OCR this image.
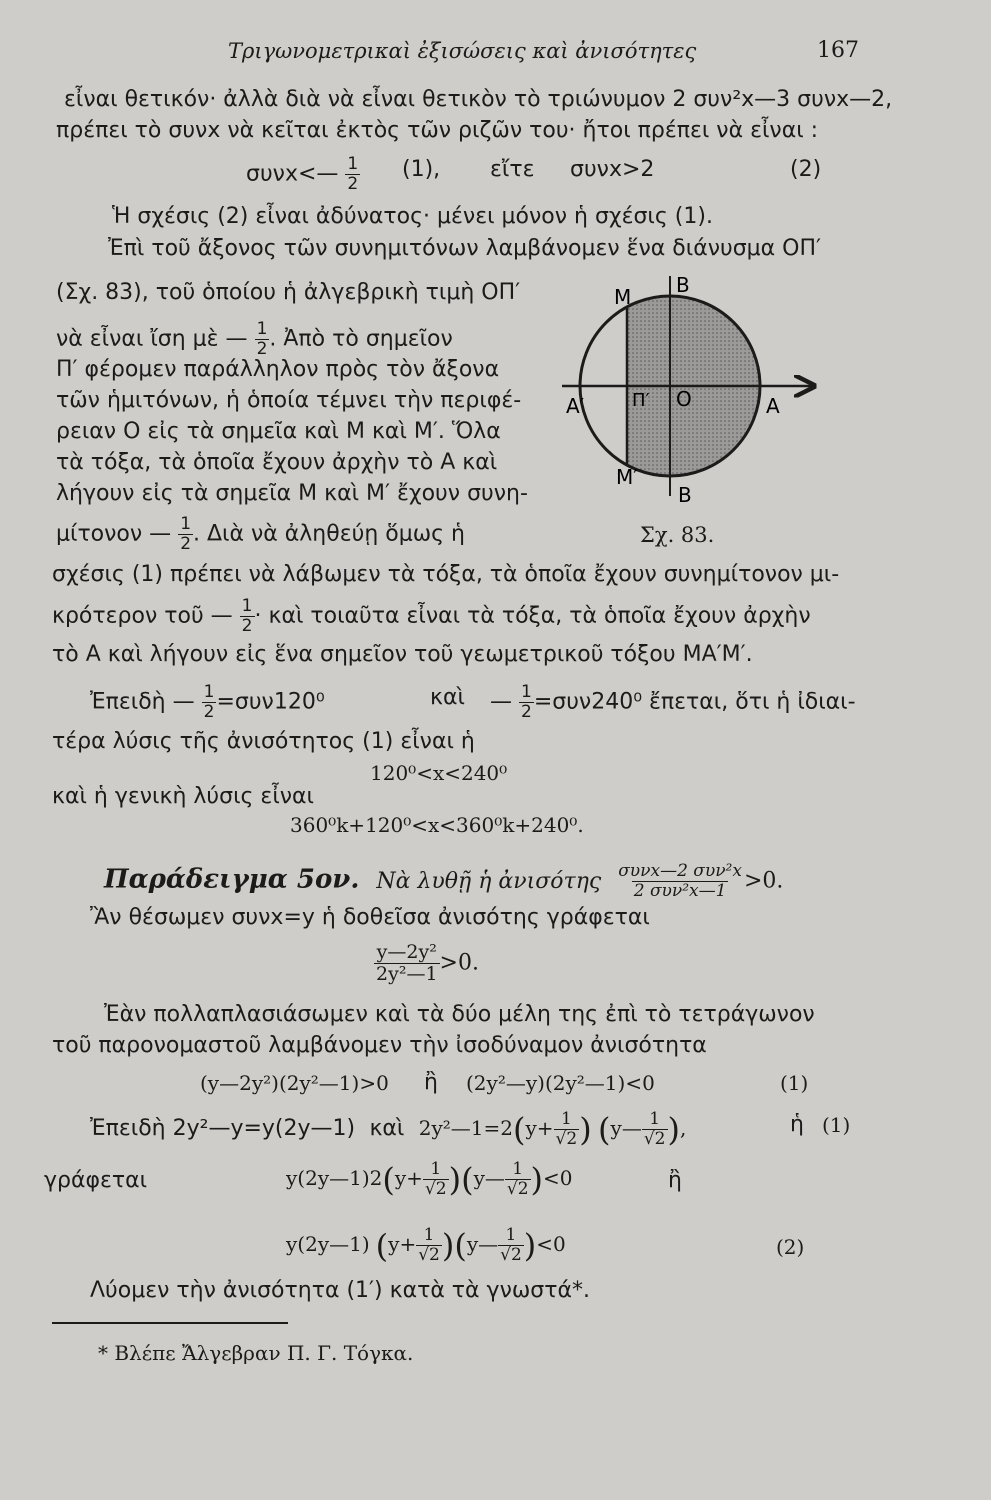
Τριγωνομετρικαὶ ἐξισώσεις καὶ ἀνισότητες	167
εἶναι θετικόν· ἀλλὰ διὰ νὰ εἶναι θετικὸν τὸ τριώνυμον 2 συν²x—3 συνx—2,
πρέπει τὸ συνx νὰ κεῖται ἐκτὸς τῶν ριζῶν του· ἤτοι πρέπει νὰ εἶναι :
συνx<— $\frac{1}{2} (1)$, εἴτε συνx>2	(2)
Ἡ σχέσις (2) εἶναι ἀδύνατος· μένει μόνον ἡ σχέσις (1).
Ἐπὶ τοῦ ἄξονος τῶν συνημιτόνων λαμβάνομεν ἕνα διάνυσμα ΟΠ′
(Σχ. 83), τοῦ ὁποίου ἡ ἀλγεβρικὴ τιμὴ ΟΠ′
νὰ εἶναι ἴση μὲ — $\frac{1}{2}$ . Ἀπὸ τὸ σημεῖον
Π′ φέρομεν παράλληλον πρὸς τὸν ἄξονα
τῶν ἡμιτόνων, ἡ ὁποία τέμνει τὴν περιφέ-
ρειαν Ο εἰς τὰ σημεῖα καὶ Μ καὶ Μ′. Ὅλα
τὰ τόξα, τὰ ὁποῖα ἔχουν ἀρχὴν τὸ Α καὶ
λήγουν εἰς τὰ σημεῖα Μ καὶ Μ′ ἔχουν συνη-
μίτονον — $\frac{1}{2}$ . Διὰ νὰ ἀληθεύῃ ὅμως ἡ
M B
A′	Π′ O	A
M′
B
Σχ. 83.
σχέσις (1) πρέπει νὰ λάβωμεν τὰ τόξα, τὰ ὁποῖα ἔχουν συνημίτονον μι-
κρότερον τοῦ — $\frac{1}{2}$ · καὶ τοιαῦτα εἶναι τὰ τόξα, τὰ ὁποῖα ἔχουν ἀρχὴν
τὸ Α καὶ λήγουν εἰς ἕνα σημεῖον τοῦ γεωμετρικοῦ τόξου ΜΑ′Μ′.
Ἐπειδὴ — $\frac{1}{2} =\sigma\upsilon\nu 120^0$	καὶ — $\frac{1}{2} =\sigma\upsilon\nu 240^0$ ἔπεται, ὅτι ἡ ἰδιαι-
τέρα λύσις τῆς ἀνισότητος (1) εἶναι ἡ
120⁰<x<240⁰
καὶ ἡ γενικὴ λύσις εἶναι
360⁰k+120⁰<x<360⁰k+240⁰.
Παράδειγμα 5ον. Νὰ λυθῇ ἡ ἀνισότης $\frac{\text{συνx—2 συν²x}}{\text{2 συν²x—1}} >0$.
Ἂν θέσωμεν συνx=y ἡ δοθεῖσα ἀνισότης γράφεται
$\frac{\text{y—2y²}}{\text{2y²—1}} >0$.
Ἐὰν πολλαπλασιάσωμεν καὶ τὰ δύο μέλη της ἐπὶ τὸ τετράγωνον
τοῦ παρονομαστοῦ λαμβάνομεν τὴν ἰσοδύναμον ἀνισότητα
(y—2y²)(2y²—1)>0 ἢ (2y²—y)(2y²—1)<0	(1)
Ἐπειδὴ 2y²—y=y(2y—1) καὶ 2y²—1=2(y+ $\frac{1}{√2}$ ) (y— $\frac{1}{√2}$ ),	ἡ (1)
γράφεται	y(2y—1)2(y+ $\frac{1}{√2}$ )(y— $\frac{1}{√2} )<0$	ἢ
y(2y—1) ($y+ \frac{1}{√2}$ )(y— $\frac{1}{√2} )<0$	(2)
Λύομεν τὴν ἀνισότητα (1′) κατὰ τὰ γνωστά*.
* Βλέπε Ἄλγεβραν Π. Γ. Τόγκα.
